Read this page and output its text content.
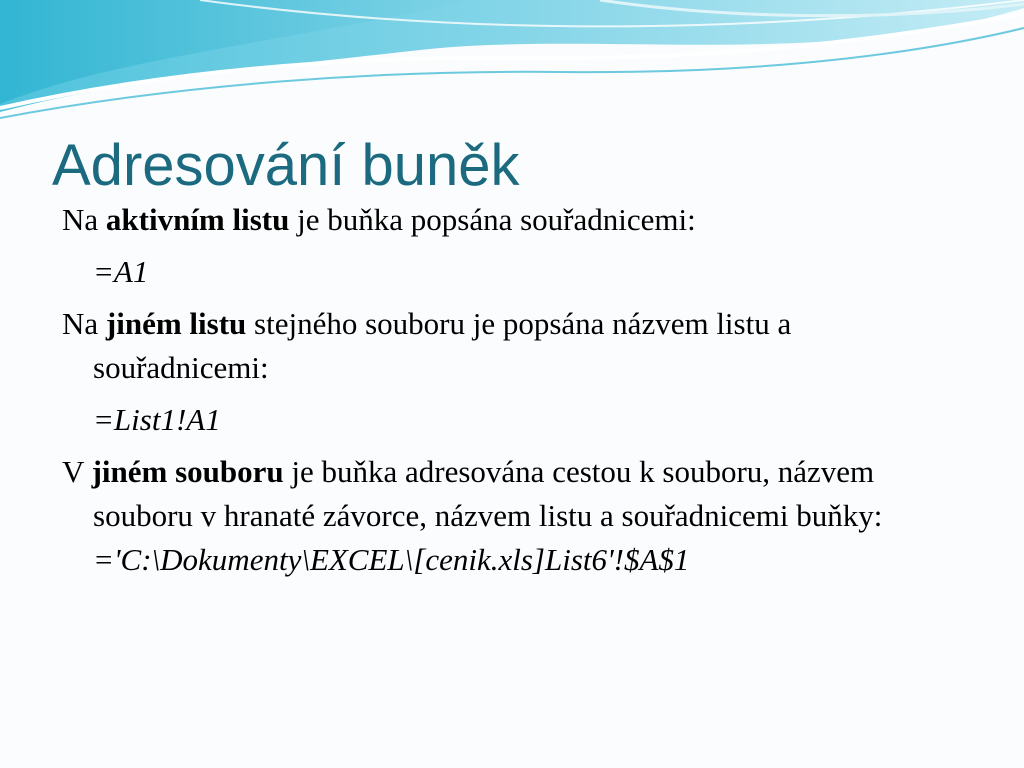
Adresování buněk

Na aktivním listu je buňka popsána souřadnicemi:

=A1

Na jiném listu stejného souboru je popsána názvem listu a souřadnicemi:

=List1!A1

V jiném souboru je buňka adresována cestou k souboru, názvem souboru v hranaté závorce, názvem listu a souřadnicemi buňky:

='C:\Dokumenty\EXCEL\[cenik.xls]List6'!$A$1
